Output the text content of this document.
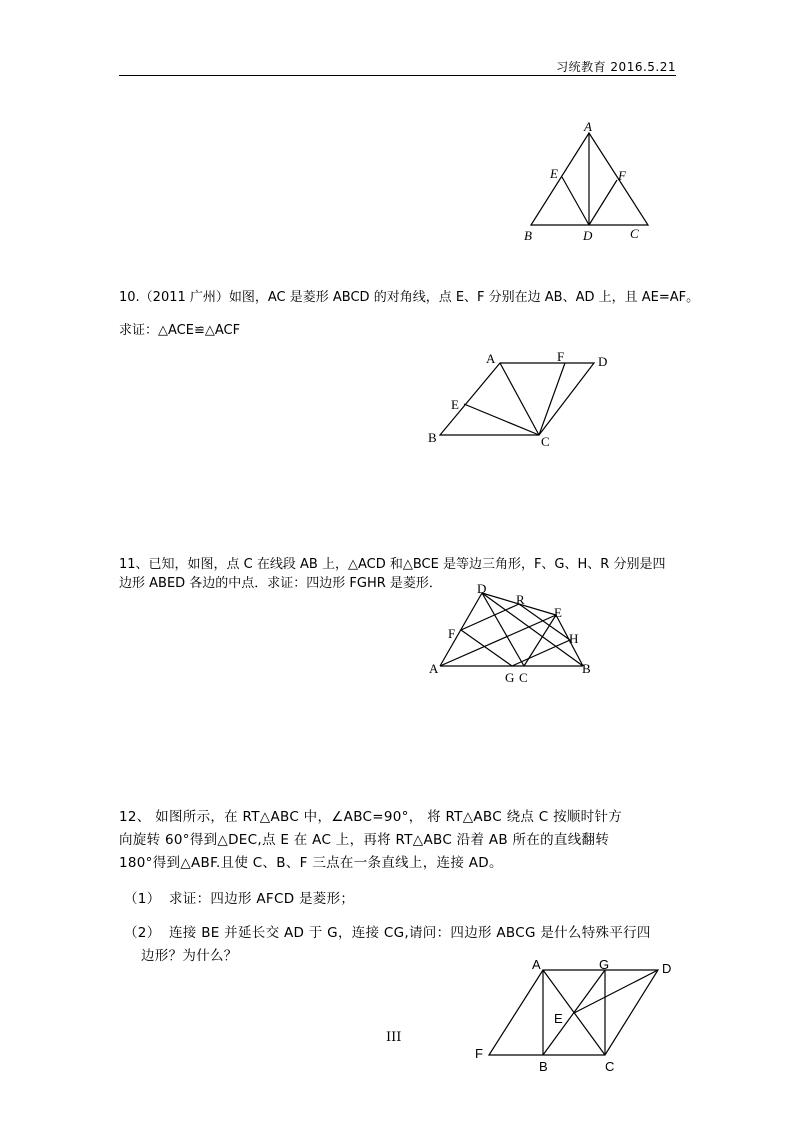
习统教育 2016.5.21
A
E	F
B	D	C
10.（2011 广州）如图，AC 是菱形 ABCD 的对角线，点 E、F 分别在边 AB、AD 上，且 AE=AF。
求证：△ACE≌△ACF
A	F	D
E
B	C
11、已知，如图，点 C 在线段 AB 上，△ACD 和△BCE 是等边三角形，F、G、H、R 分别是四
边形 ABED 各边的中点．求证：四边形 FGHR 是菱形．	D
R
E
F	H
A
G C
B
12、 如图所示，在 RT△ABC 中，∠ABC=90°， 将 RT△ABC 绕点 C 按顺时针方
向旋转 60°得到△DEC,点 E 在 AC 上，再将 RT△ABC 沿着 AB 所在的直线翻转
180°得到△ABF.且使 C、B、F 三点在一条直线上，连接 AD。
（1） 求证：四边形 AFCD 是菱形；
（2） 连接 BE 并延长交 AD 于 G，连接 CG,请问：四边形 ABCG 是什么特殊平行四
边形？为什么？
A	G	D
E
F
B	C
III
